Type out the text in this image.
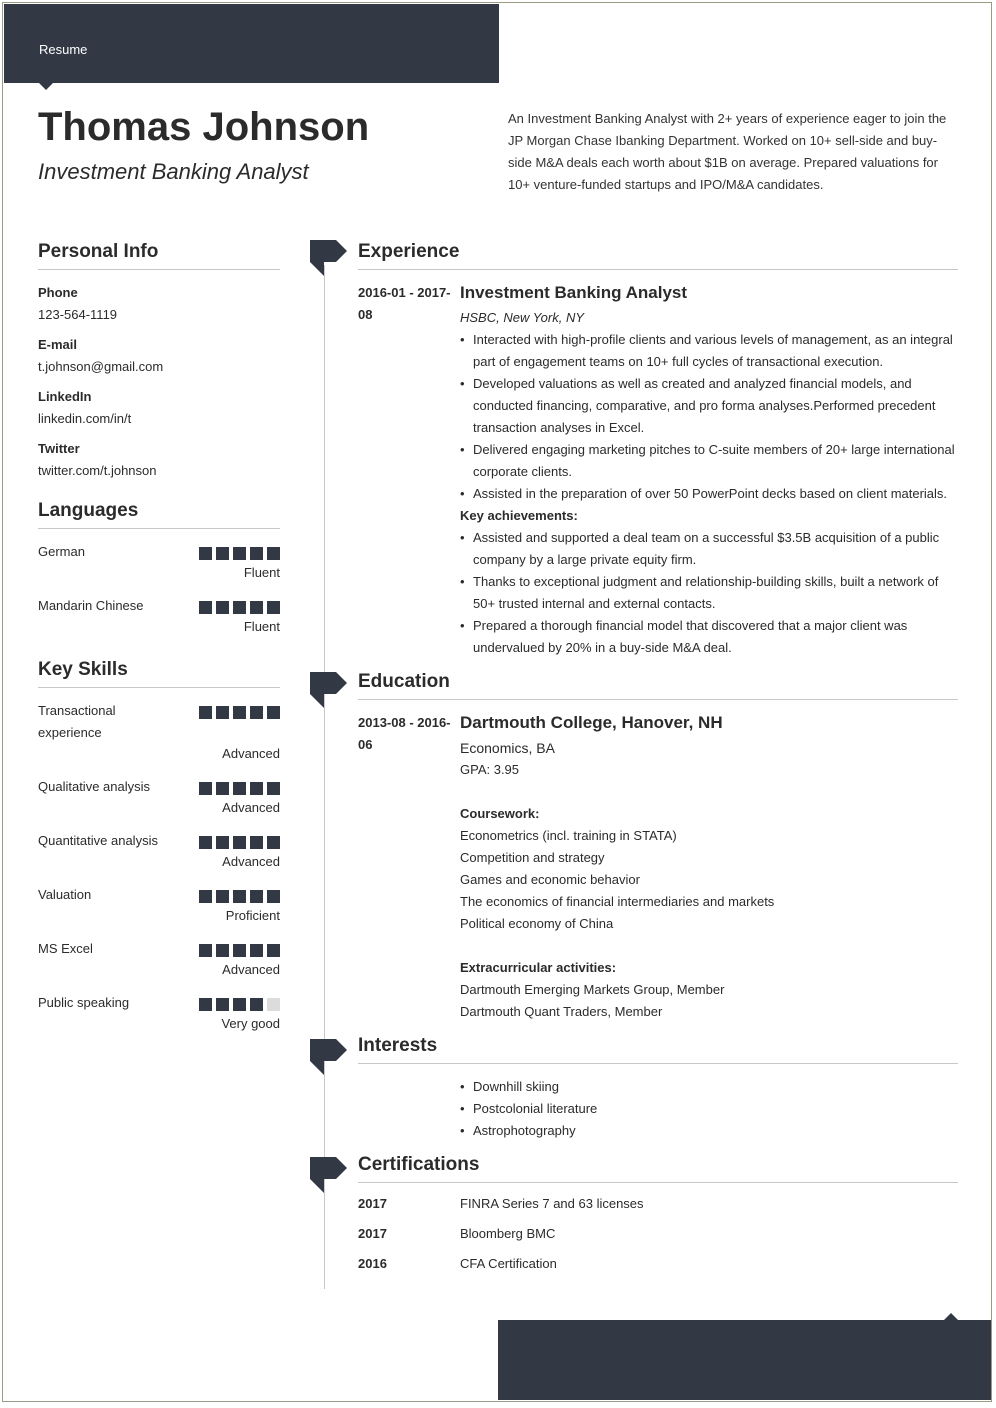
Resume
Thomas Johnson
Investment Banking Analyst

An Investment Banking Analyst with 2+ years of experience eager to join the JP Morgan Chase Ibanking Department. Worked on 10+ sell-side and buy-side M&A deals each worth about $1B on average. Prepared valuations for 10+ venture-funded startups and IPO/M&A candidates.

Personal Info
Phone
123-564-1119
E-mail
t.johnson@gmail.com
LinkedIn
linkedin.com/in/t
Twitter
twitter.com/t.johnson
Languages
German
Fluent
Mandarin Chinese
Fluent
Key Skills
Transactional experience
Advanced
Qualitative analysis
Advanced
Quantitative analysis
Advanced
Valuation
Proficient
MS Excel
Advanced
Public speaking
Very good
Experience
2016-01 - 2017-08
Investment Banking Analyst
HSBC, New York, NY
• Interacted with high-profile clients and various levels of management, as an integral part of engagement teams on 10+ full cycles of transactional execution.
• Developed valuations as well as created and analyzed financial models, and conducted financing, comparative, and pro forma analyses.Performed precedent transaction analyses in Excel.
• Delivered engaging marketing pitches to C-suite members of 20+ large international corporate clients.
• Assisted in the preparation of over 50 PowerPoint decks based on client materials.
Key achievements:
• Assisted and supported a deal team on a successful $3.5B acquisition of a public company by a large private equity firm.
• Thanks to exceptional judgment and relationship-building skills, built a network of 50+ trusted internal and external contacts.
• Prepared a thorough financial model that discovered that a major client was undervalued by 20% in a buy-side M&A deal.
Education
2013-08 - 2016-06
Dartmouth College, Hanover, NH
Economics, BA
GPA: 3.95
Coursework:
Econometrics (incl. training in STATA)
Competition and strategy
Games and economic behavior
The economics of financial intermediaries and markets
Political economy of China
Extracurricular activities:
Dartmouth Emerging Markets Group, Member
Dartmouth Quant Traders, Member
Interests
• Downhill skiing
• Postcolonial literature
• Astrophotography
Certifications
2017	FINRA Series 7 and 63 licenses
2017	Bloomberg BMC
2016	CFA Certification
